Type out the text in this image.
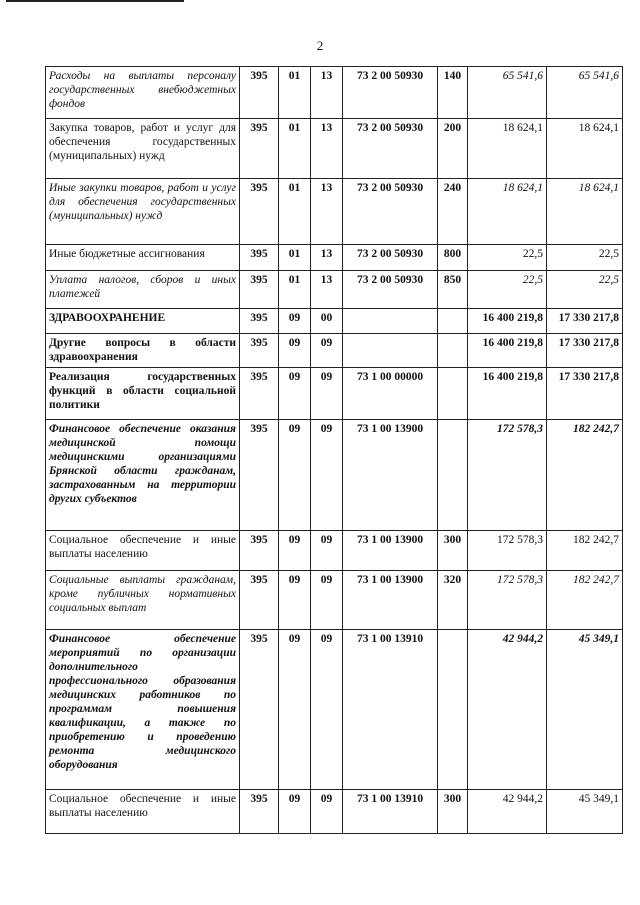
2
Расходы на выплаты персоналу государственных внебюджетных фондов	395	01	13	73 2 00 50930	140	65 541,6	65 541,6
Закупка товаров, работ и услуг для обеспечения государственных (муниципальных) нужд	395	01	13	73 2 00 50930	200	18 624,1	18 624,1
Иные закупки товаров, работ и услуг для обеспечения государственных (муниципальных) нужд	395	01	13	73 2 00 50930	240	18 624,1	18 624,1
Иные бюджетные ассигнования	395	01	13	73 2 00 50930	800	22,5	22,5
Уплата налогов, сборов и иных платежей	395	01	13	73 2 00 50930	850	22,5	22,5
ЗДРАВООХРАНЕНИЕ	395	09	00			16 400 219,8	17 330 217,8
Другие вопросы в области здравоохранения	395	09	09			16 400 219,8	17 330 217,8
Реализация государственных функций в области социальной политики	395	09	09	73 1 00 00000		16 400 219,8	17 330 217,8
Финансовое обеспечение оказания медицинской помощи медицинскими организациями Брянской области гражданам, застрахованным на территории других субъектов	395	09	09	73 1 00 13900		172 578,3	182 242,7
Социальное обеспечение и иные выплаты населению	395	09	09	73 1 00 13900	300	172 578,3	182 242,7
Социальные выплаты гражданам, кроме публичных нормативных социальных выплат	395	09	09	73 1 00 13900	320	172 578,3	182 242,7
Финансовое обеспечение мероприятий по организации дополнительного профессионального образования медицинских работников по программам повышения квалификации, а также по приобретению и проведению ремонта медицинского оборудования	395	09	09	73 1 00 13910		42 944,2	45 349,1
Социальное обеспечение и иные выплаты населению	395	09	09	73 1 00 13910	300	42 944,2	45 349,1
